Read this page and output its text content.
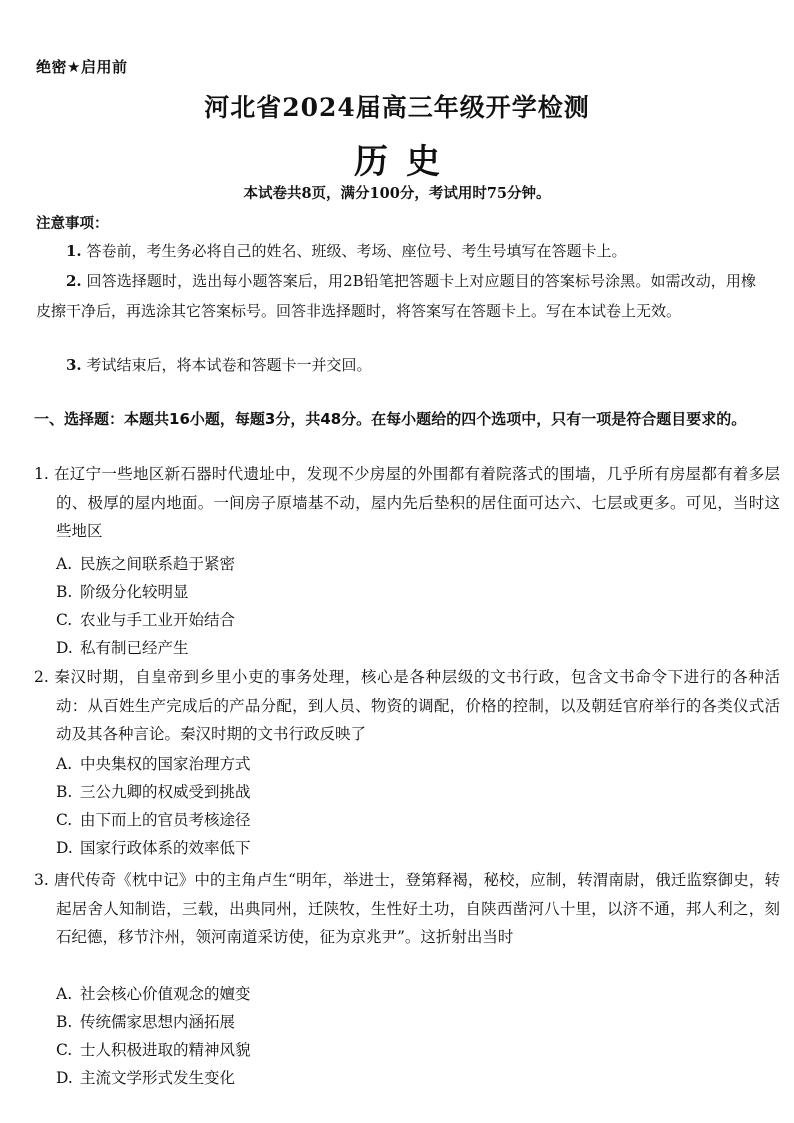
绝密★启用前
河北省2024届高三年级开学检测
历史
本试卷共8页，满分100分，考试用时75分钟。
注意事项：
1. 答卷前，考生务必将自己的姓名、班级、考场、座位号、考生号填写在答题卡上。
2. 回答选择题时，选出每小题答案后，用2B铅笔把答题卡上对应题目的答案标号涂黑。如需改动，用橡皮擦干净后，再选涂其它答案标号。回答非选择题时，将答案写在答题卡上。写在本试卷上无效。
3. 考试结束后，将本试卷和答题卡一并交回。
一、选择题：本题共16小题，每题3分，共48分。在每小题给的四个选项中，只有一项是符合题目要求的。
1. 在辽宁一些地区新石器时代遗址中，发现不少房屋的外围都有着院落式的围墙，几乎所有房屋都有着多层的、极厚的屋内地面。一间房子原墙基不动，屋内先后垫积的居住面可达六、七层或更多。可见，当时这些地区
A. 民族之间联系趋于紧密
B. 阶级分化较明显
C. 农业与手工业开始结合
D. 私有制已经产生
2. 秦汉时期，自皇帝到乡里小吏的事务处理，核心是各种层级的文书行政，包含文书命令下进行的各种活动：从百姓生产完成后的产品分配，到人员、物资的调配，价格的控制，以及朝廷官府举行的各类仪式活动及其各种言论。秦汉时期的文书行政反映了
A. 中央集权的国家治理方式
B. 三公九卿的权威受到挑战
C. 由下而上的官员考核途径
D. 国家行政体系的效率低下
3. 唐代传奇《枕中记》中的主角卢生“明年，举进士，登第释褐，秘校，应制，转渭南尉，俄迁监察御史，转起居舍人知制诰，三载，出典同州，迁陕牧，生性好土功，自陕西凿河八十里，以济不通，邦人利之，刻石纪德，移节汴州，领河南道采访使，征为京兆尹”。这折射出当时
A. 社会核心价值观念的嬗变
B. 传统儒家思想内涵拓展
C. 士人积极进取的精神风貌
D. 主流文学形式发生变化
